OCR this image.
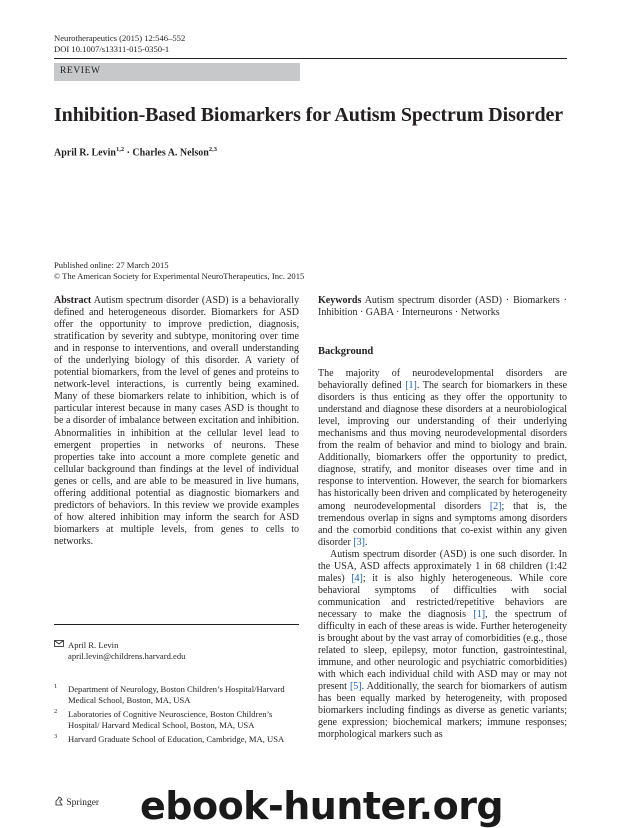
Neurotherapeutics (2015) 12:546–552
DOI 10.1007/s13311-015-0350-1
REVIEW
Inhibition-Based Biomarkers for Autism Spectrum Disorder
April R. Levin$^{1,2}$ · Charles A. Nelson$^{2,3}$
Published online: 27 March 2015
© The American Society for Experimental NeuroTherapeutics, Inc. 2015
Abstract Autism spectrum disorder (ASD) is a behaviorally defined and heterogeneous disorder. Biomarkers for ASD offer the opportunity to improve prediction, diagnosis, stratification by severity and subtype, monitoring over time and in response to interventions, and overall understanding of the underlying biology of this disorder. A variety of potential biomarkers, from the level of genes and proteins to network-level interactions, is currently being examined. Many of these biomarkers relate to inhibition, which is of particular interest because in many cases ASD is thought to be a disorder of imbalance between excitation and inhibition. Abnormalities in inhibition at the cellular level lead to emergent properties in networks of neurons. These properties take into account a more complete genetic and cellular background than findings at the level of individual genes or cells, and are able to be measured in live humans, offering additional potential as diagnostic biomarkers and predictors of behaviors. In this review we provide examples of how altered inhibition may inform the search for ASD biomarkers at multiple levels, from genes to cells to networks.
Keywords Autism spectrum disorder (ASD) · Biomarkers · Inhibition · GABA · Interneurons · Networks
Background

The majority of neurodevelopmental disorders are behaviorally defined [1]. The search for biomarkers in these disorders is thus enticing as they offer the opportunity to understand and diagnose these disorders at a neurobiological level, improving our understanding of their underlying mechanisms and thus moving neurodevelopmental disorders from the realm of behavior and mind to biology and brain. Additionally, biomarkers offer the opportunity to predict, diagnose, stratify, and monitor diseases over time and in response to intervention. However, the search for biomarkers has historically been driven and complicated by heterogeneity among neurodevelopmental disorders [2]; that is, the tremendous overlap in signs and symptoms among disorders and the comorbid conditions that co-exist within any given disorder [3].

Autism spectrum disorder (ASD) is one such disorder. In the USA, ASD affects approximately 1 in 68 children (1:42 males) [4]; it is also highly heterogeneous. While core behavioral symptoms of difficulties with social communication and restricted/repetitive behaviors are necessary to make the diagnosis [1], the spectrum of difficulty in each of these areas is wide. Further heterogeneity is brought about by the vast array of comorbidities (e.g., those related to sleep, epilepsy, motor function, gastrointestinal, immune, and other neurologic and psychiatric comorbidities) with which each individual child with ASD may or may not present [5]. Additionally, the search for biomarkers of autism has been equally marked by heterogeneity, with proposed biomarkers including findings as diverse as genetic variants; gene expression; biochemical markers; immune responses; morphological markers such as

April R. Levin
april.levin@childrens.harvard.edu
1 Department of Neurology, Boston Children’s Hospital/Harvard Medical School, Boston, MA, USA
2 Laboratories of Cognitive Neuroscience, Boston Children’s Hospital/ Harvard Medical School, Boston, MA, USA
3 Harvard Graduate School of Education, Cambridge, MA, USA
Springer ebook-hunter.org
